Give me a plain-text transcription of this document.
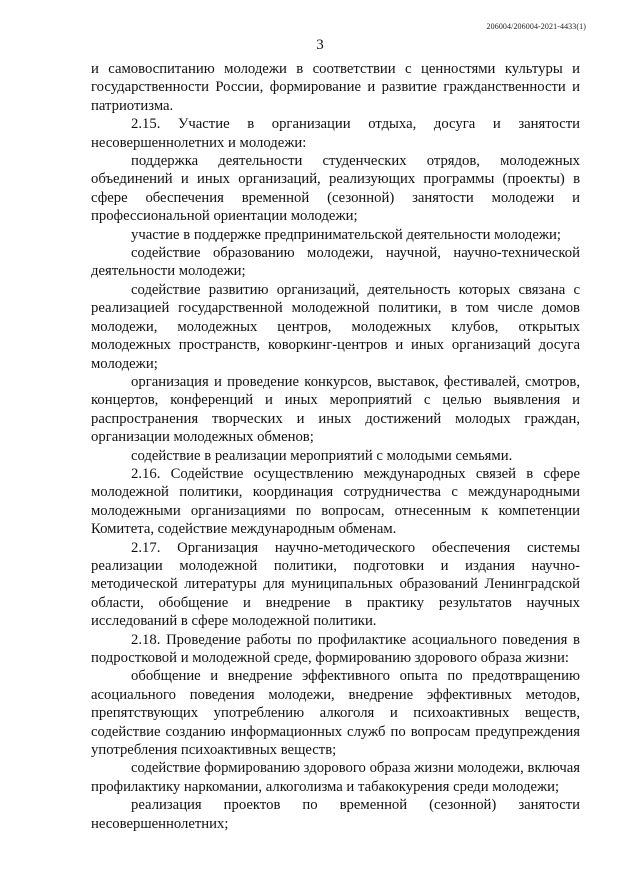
206004/206004-2021-4433(1)
3

и самовоспитанию молодежи в соответствии с ценностями культуры и государственности России, формирование и развитие гражданственности и патриотизма.

2.15. Участие в организации отдыха, досуга и занятости несовершеннолетних и молодежи:

поддержка деятельности студенческих отрядов, молодежных объединений и иных организаций, реализующих программы (проекты) в сфере обеспечения временной (сезонной) занятости молодежи и профессиональной ориентации молодежи;

участие в поддержке предпринимательской деятельности молодежи;

содействие образованию молодежи, научной, научно-технической деятельности молодежи;

содействие развитию организаций, деятельность которых связана с реализацией государственной молодежной политики, в том числе домов молодежи, молодежных центров, молодежных клубов, открытых молодежных пространств, коворкинг-центров и иных организаций досуга молодежи;

организация и проведение конкурсов, выставок, фестивалей, смотров, концертов, конференций и иных мероприятий с целью выявления и распространения творческих и иных достижений молодых граждан, организации молодежных обменов;

содействие в реализации мероприятий с молодыми семьями.

2.16. Содействие осуществлению международных связей в сфере молодежной политики, координация сотрудничества с международными молодежными организациями по вопросам, отнесенным к компетенции Комитета, содействие международным обменам.

2.17. Организация научно-методического обеспечения системы реализации молодежной политики, подготовки и издания научно-методической литературы для муниципальных образований Ленинградской области, обобщение и внедрение в практику результатов научных исследований в сфере молодежной политики.

2.18. Проведение работы по профилактике асоциального поведения в подростковой и молодежной среде, формированию здорового образа жизни:

обобщение и внедрение эффективного опыта по предотвращению асоциального поведения молодежи, внедрение эффективных методов, препятствующих употреблению алкоголя и психоактивных веществ, содействие созданию информационных служб по вопросам предупреждения употребления психоактивных веществ;

содействие формированию здорового образа жизни молодежи, включая профилактику наркомании, алкоголизма и табакокурения среди молодежи;

реализация проектов по временной (сезонной) занятости несовершеннолетних;
